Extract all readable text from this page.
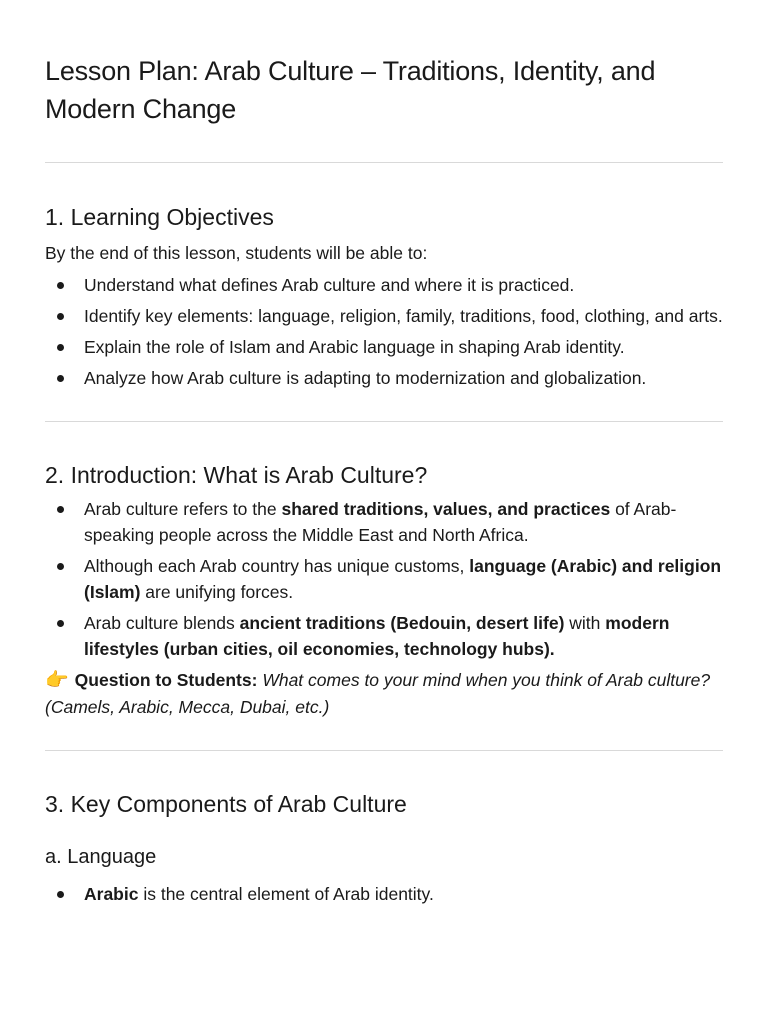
Lesson Plan: Arab Culture – Traditions, Identity, and Modern Change
1. Learning Objectives

By the end of this lesson, students will be able to:

Understand what defines Arab culture and where it is practiced.
Identify key elements: language, religion, family, traditions, food, clothing, and arts.
Explain the role of Islam and Arabic language in shaping Arab identity.
Analyze how Arab culture is adapting to modernization and globalization.
2. Introduction: What is Arab Culture?
Arab culture refers to the shared traditions, values, and practices of Arab-speaking people across the Middle East and North Africa.
Although each Arab country has unique customs, language (Arabic) and religion (Islam) are unifying forces.
Arab culture blends ancient traditions (Bedouin, desert life) with modern lifestyles (urban cities, oil economies, technology hubs).

👉 Question to Students: What comes to your mind when you think of Arab culture? (Camels, Arabic, Mecca, Dubai, etc.)

3. Key Components of Arab Culture
a. Language
Arabic is the central element of Arab identity.
